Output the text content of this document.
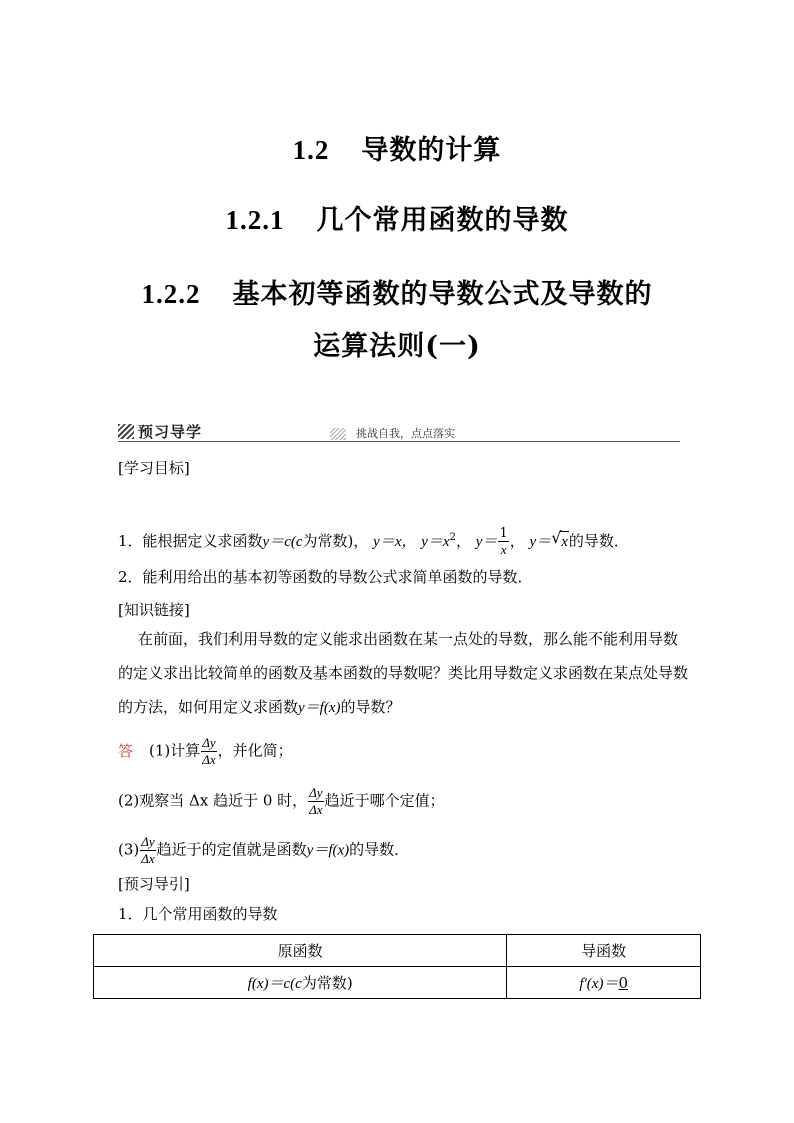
1.2 导数的计算
1.2.1 几个常用函数的导数
1.2.2 基本初等函数的导数公式及导数的
运算法则(一)
预习导学	挑战自我，点点落实
[学习目标]
1．能根据定义求函数y＝c(c为常数)， y＝x， $y=x^2$， $y= \frac{1}{x}$ ， y＝ √ x的导数．
2．能利用给出的基本初等函数的导数公式求简单函数的导数．
[知识链接]
在前面，我们利用导数的定义能求出函数在某一点处的导数，那么能不能利用导数的定义求出比较简单的函数及基本函数的导数呢？类比用导数定义求函数在某点处导数的方法，如何用定义求函数y＝f(x)的导数？
答 (1)计算 $\frac{\Delta y}{\Delta x}$ ，并化简；
(2)观察当 Δx 趋近于 0 时， $\frac{\Delta y}{\Delta x}$ 趋近于哪个定值；
$(3) \frac{\Delta y}{\Delta x}$ 趋近于的定值就是函数y＝f(x)的导数．
[预习导引]
1．几个常用函数的导数
原函数	导函数
f(x)＝c(c为常数)	f′(x)＝0
